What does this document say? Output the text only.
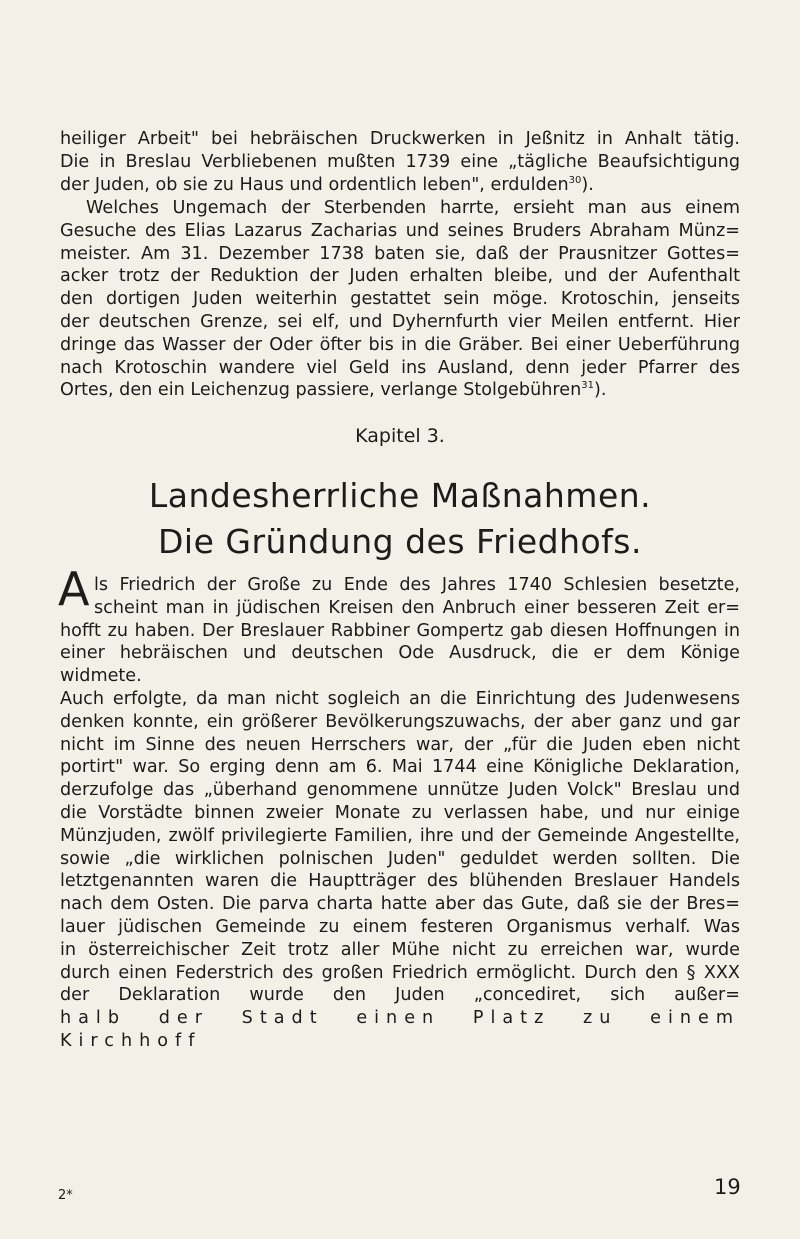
heiliger Arbeit" bei hebräischen Druckwerken in Jeßnitz in Anhalt tätig.
Die in Breslau Verbliebenen mußten 1739 eine „tägliche Beaufsichtigung
der Juden, ob sie zu Haus und ordentlich leben", erdulden$^{30}$).

Welches Ungemach der Sterbenden harrte, ersieht man aus einem
Gesuche des Elias Lazarus Zacharias und seines Bruders Abraham Münz=
meister. Am 31. Dezember 1738 baten sie, daß der Prausnitzer Gottes=
acker trotz der Reduktion der Juden erhalten bleibe, und der Aufenthalt
den dortigen Juden weiterhin gestattet sein möge. Krotoschin, jenseits
der deutschen Grenze, sei elf, und Dyhernfurth vier Meilen entfernt. Hier
dringe das Wasser der Oder öfter bis in die Gräber. Bei einer Ueberführung
nach Krotoschin wandere viel Geld ins Ausland, denn jeder Pfarrer des
Ortes, den ein Leichenzug passiere, verlange Stolgebühren$^{31}$).

Kapitel 3.
Landesherrliche Maßnahmen.
Die Gründung des Friedhofs.
A ls Friedrich der Große zu Ende des Jahres 1740 Schlesien besetzte,
scheint man in jüdischen Kreisen den Anbruch einer besseren Zeit er=
hofft zu haben. Der Breslauer Rabbiner Gompertz gab diesen Hoffnungen in
einer hebräischen und deutschen Ode Ausdruck, die er dem Könige widmete.
Auch erfolgte, da man nicht sogleich an die Einrichtung des Judenwesens
denken konnte, ein größerer Bevölkerungszuwachs, der aber ganz und gar
nicht im Sinne des neuen Herrschers war, der „für die Juden eben nicht
portirt" war. So erging denn am 6. Mai 1744 eine Königliche Deklaration,
derzufolge das „überhand genommene unnütze Juden Volck" Breslau und
die Vorstädte binnen zweier Monate zu verlassen habe, und nur einige
Münzjuden, zwölf privilegierte Familien, ihre und der Gemeinde Angestellte,
sowie „die wirklichen polnischen Juden" geduldet werden sollten. Die
letztgenannten waren die Hauptträger des blühenden Breslauer Handels
nach dem Osten. Die parva charta hatte aber das Gute, daß sie der Bres=
lauer jüdischen Gemeinde zu einem festeren Organismus verhalf. Was
in österreichischer Zeit trotz aller Mühe nicht zu erreichen war, wurde
durch einen Federstrich des großen Friedrich ermöglicht. Durch den § XXX
der Deklaration wurde den Juden „concediret, sich außer=
halb der Stadt einen Platz zu einem Kirchhoff

2*	19
